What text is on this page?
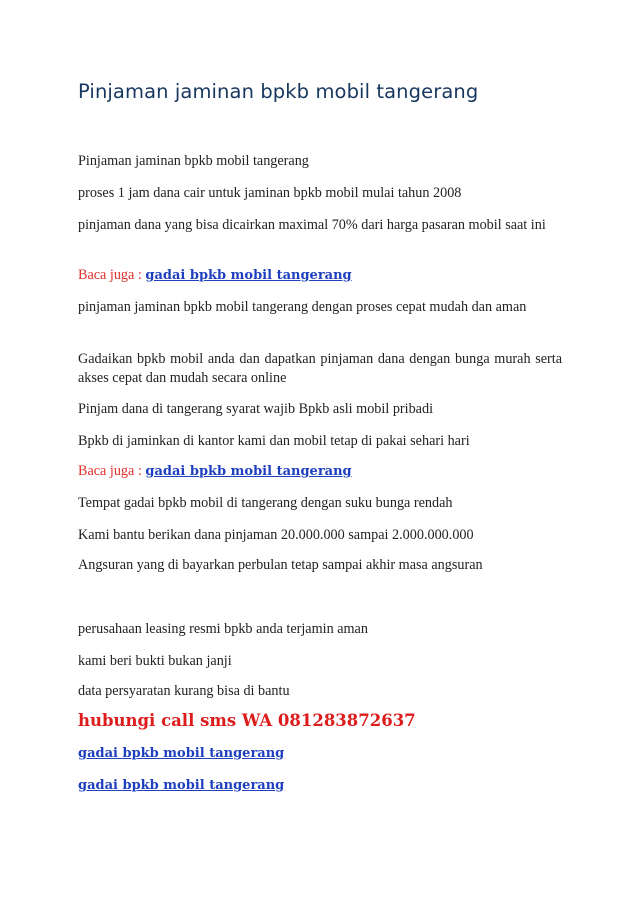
Pinjaman jaminan bpkb mobil tangerang

Pinjaman jaminan bpkb mobil tangerang

proses 1 jam dana cair untuk jaminan bpkb mobil mulai tahun 2008

pinjaman dana yang bisa dicairkan maximal 70% dari harga pasaran mobil saat ini

Baca juga : gadai bpkb mobil tangerang

pinjaman jaminan bpkb mobil tangerang dengan proses cepat mudah dan aman

Gadaikan bpkb mobil anda dan dapatkan pinjaman dana dengan bunga murah serta akses cepat dan mudah secara online

Pinjam dana di tangerang syarat wajib Bpkb asli mobil pribadi

Bpkb di jaminkan di kantor kami dan mobil tetap di pakai sehari hari

Baca juga : gadai bpkb mobil tangerang

Tempat gadai bpkb mobil di tangerang dengan suku bunga rendah

Kami bantu berikan dana pinjaman 20.000.000 sampai 2.000.000.000

Angsuran yang di bayarkan perbulan tetap sampai akhir masa angsuran

perusahaan leasing resmi bpkb anda terjamin aman

kami beri bukti bukan janji

data persyaratan kurang bisa di bantu

hubungi call sms WA 081283872637

gadai bpkb mobil tangerang
gadai bpkb mobil tangerang
